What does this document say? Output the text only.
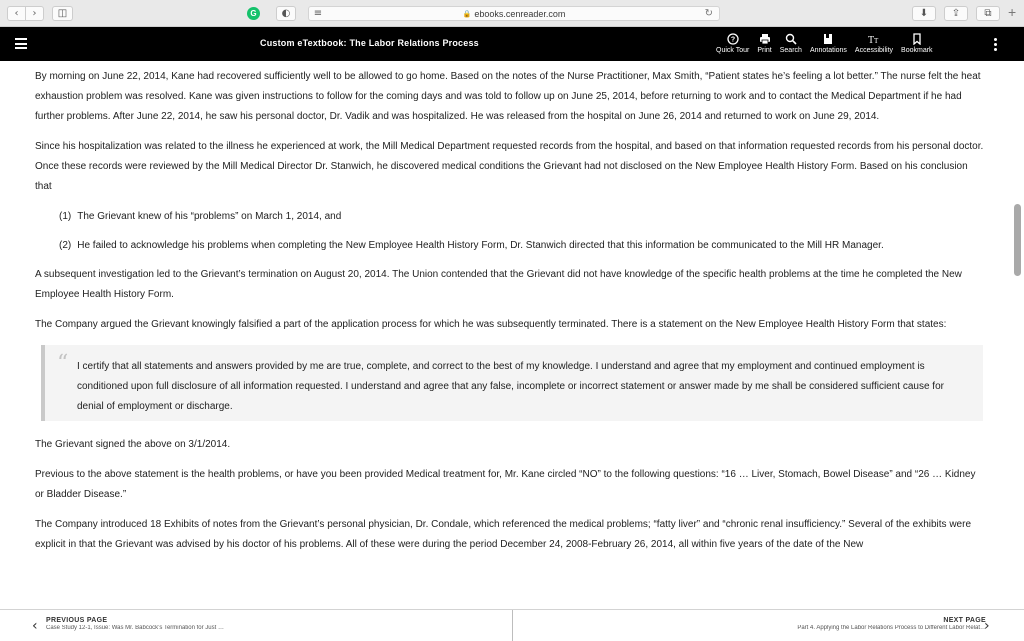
‹	›	◫	G	◐	🔒 ebooks.cenreader.com	↻
≡	⬇	⇪	⧉	+
Custom eTextbook: The Labor Relations Process	?
Quick Tour Print Search Annotations
T T
Accessibility Bookmark

By morning on June 22, 2014, Kane had recovered sufficiently well to be allowed to go home. Based on the notes of the Nurse Practitioner, Max Smith, “Patient states he’s feeling a lot better.” The nurse felt the heat exhaustion problem was resolved. Kane was given instructions to follow for the coming days and was told to follow up on June 25, 2014, before returning to work and to contact the Medical Department if he had further problems. After June 22, 2014, he saw his personal doctor, Dr. Vadik and was hospitalized. He was released from the hospital on June 26, 2014 and returned to work on June 29, 2014.

Since his hospitalization was related to the illness he experienced at work, the Mill Medical Department requested records from the hospital, and based on that information requested records from his personal doctor. Once these records were reviewed by the Mill Medical Director Dr. Stanwich, he discovered medical conditions the Grievant had not disclosed on the New Employee Health History Form. Based on his conclusion that

(1) The Grievant knew of his “problems” on March 1, 2014, and
(2) He failed to acknowledge his problems when completing the New Employee Health History Form, Dr. Stanwich directed that this information be communicated to the Mill HR Manager.

A subsequent investigation led to the Grievant’s termination on August 20, 2014. The Union contended that the Grievant did not have knowledge of the specific health problems at the time he completed the New Employee Health History Form.

The Company argued the Grievant knowingly falsified a part of the application process for which he was subsequently terminated. There is a statement on the New Employee Health History Form that states:

“ I certify that all statements and answers provided by me are true, complete, and correct to the best of my knowledge. I understand and agree that my employment and continued employment is conditioned upon full disclosure of all information requested. I understand and agree that any false, incomplete or incorrect statement or answer made by me shall be considered sufficient cause for denial of employment or discharge.

The Grievant signed the above on 3/1/2014.

Previous to the above statement is the health problems, or have you been provided Medical treatment for, Mr. Kane circled “NO” to the following questions: “16 … Liver, Stomach, Bowel Disease” and “26 … Kidney or Bladder Disease.”

The Company introduced 18 Exhibits of notes from the Grievant’s personal physician, Dr. Condale, which referenced the medical problems; “fatty liver” and “chronic renal insufficiency.” Several of the exhibits were explicit in that the Grievant was advised by his doctor of his problems. All of these were during the period December 24, 2008-February 26, 2014, all within five years of the date of the New

‹ PREVIOUS PAGE
Case Study 12-1, Issue: Was Mr. Babcock’s Termination for Just …
NEXT PAGE
Part 4. Applying the Labor Relations Process to Different Labor Relat…
›
